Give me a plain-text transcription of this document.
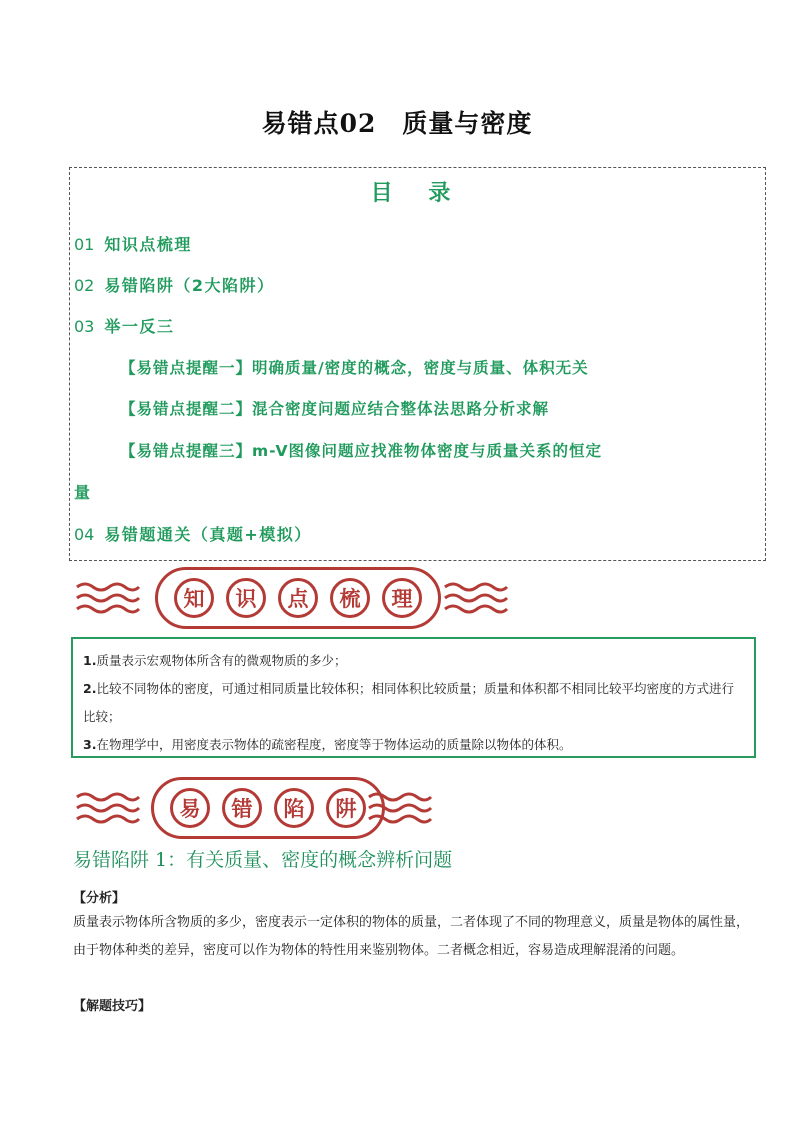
易错点02 质量与密度
目 录
01 知识点梳理
02 易错陷阱（2大陷阱）
03 举一反三
【易错点提醒一】明确质量/密度的概念，密度与质量、体积无关
【易错点提醒二】混合密度问题应结合整体法思路分析求解
【易错点提醒三】m-V图像问题应找准物体密度与质量关系的恒定
量
04 易错题通关（真题+模拟）
知	识	点	梳	理

1.质量表示宏观物体所含有的微观物质的多少；

2.比较不同物体的密度，可通过相同质量比较体积；相同体积比较质量；质量和体积都不相同比较平均密度的方式进行比较；

3.在物理学中，用密度表示物体的疏密程度，密度等于物体运动的质量除以物体的体积。

易	错	陷	阱
易错陷阱 1：有关质量、密度的概念辨析问题
【分析】
质量表示物体所含物质的多少，密度表示一定体积的物体的质量，二者体现了不同的物理意义，质量是物体的属性量，由于物体种类的差异，密度可以作为物体的特性用来鉴别物体。二者概念相近，容易造成理解混淆的问题。
【解题技巧】
